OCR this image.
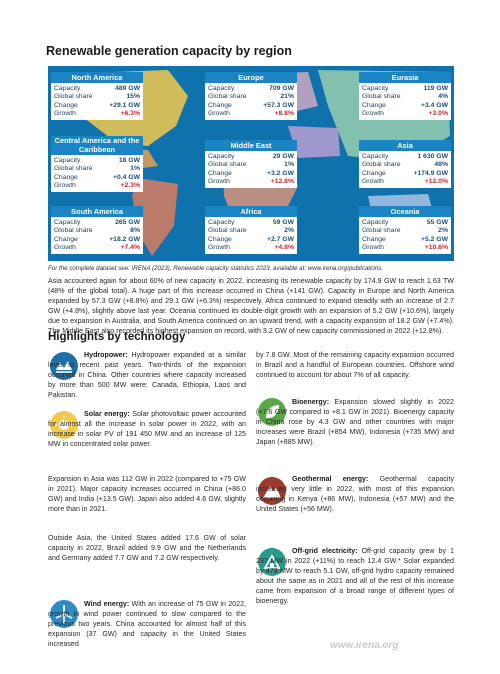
Renewable generation capacity by region
North America
Capacity	489 GW
Global share	15%
Change	+29.1 GW
Growth	+6.3%
Europe
Capacity	709 GW
Global share	21%
Change	+57.3 GW
Growth	+8.8%
Eurasia
Capacity	119 GW
Global share	4%
Change	+3.4 GW
Growth	+3.0%
Central America and the Caribbean
Capacity	18 GW
Global share	1%
Change	+0.4 GW
Growth	+2.3%
Middle East
Capacity	29 GW
Global share	1%
Change	+3.2 GW
Growth	+12.8%
Asia
Capacity	1 630 GW
Global share	48%
Change	+174.9 GW
Growth	+12.0%
South America
Capacity	265 GW
Global share	8%
Change	+18.2 GW
Growth	+7.4%
Africa
Capacity	59 GW
Global share	2%
Change	+2.7 GW
Growth	+4.8%
Oceania
Capacity	55 GW
Global share	2%
Change	+5.2 GW
Growth	+10.6%
For the complete dataset see: IRENA (2023), Renewable capacity statistics 2023, available at: www.irena.org/publications.
Asia accounted again for about 60% of new capacity in 2022, increasing its renewable capacity by 174.9 GW to reach 1.63 TW (48% of the global total). A huge part of this increase occurred in China (+141 GW). Capacity in Europe and North America expanded by 57.3 GW (+8.8%) and 29.1 GW (+6.3%) respectively. Africa continued to expand steadily with an increase of 2.7 GW (+4.8%), slightly above last year. Oceania continued its double-digit growth with an expansion of 5.2 GW (+10.6%), largely due to expansion in Australia, and South America continued on an upward trend, with a capacity expansion of 18.2 GW (+7.4%). The Middle East also recorded its highest expansion on record, with 3.2 GW of new capacity commissioned in 2022 (+12.8%).
Highlights by technology
Hydropower: Hydropower expanded at a similar level to recent past years. Two-thirds of the expansion occurred in China. Other countries where capacity increased by more than 500 MW were: Canada, Ethiopia, Laos and Pakistan.
Solar energy: Solar photovoltaic power accounted for almost all the increase in solar power in 2022, with an increase in solar PV of 191 450 MW and an increase of 125 MW in concentrated solar power.
Expansion in Asia was 112 GW in 2022 (compared to +75 GW in 2021). Major capacity increases occurred in China (+86.0 GW) and India (+13.5 GW). Japan also added 4.6 GW, slightly more than in 2021.
Outside Asia, the United States added 17.6 GW of solar capacity in 2022, Brazil added 9.9 GW and the Netherlands and Germany added 7.7 GW and 7.2 GW respectively.
Wind energy: With an increase of 75 GW in 2022, growth in wind power continued to slow compared to the previous two years. China accounted for almost half of this expansion (37 GW) and capacity in the United States increased
by 7.8 GW. Most of the remaining capacity expansion occurred in Brazil and a handful of European countries. Offshore wind continued to account for about 7% of all capacity.
Bioenergy: Expansion slowed slightly in 2022 (+7.6 GW compared to +8.1 GW in 2021). Bioenergy capacity in China rose by 4.3 GW and other countries with major increases were Brazil (+854 MW), Indonesia (+735 MW) and Japan (+885 MW).
Geothermal energy: Geothermal capacity increased very little in 2022, with most of this expansion occurring in Kenya (+86 MW), Indonesia (+57 MW) and the United States (+56 MW).
Off-grid electricity: Off-grid capacity grew by 1 237 MW in 2022 (+11%) to reach 12.4 GW.* Solar expanded by 478 MW to reach 5.1 GW, off-grid hydro capacity remained about the same as in 2021 and all of the rest of this increase came from expansion of a broad range of different types of bioenergy.
www.irena.org
